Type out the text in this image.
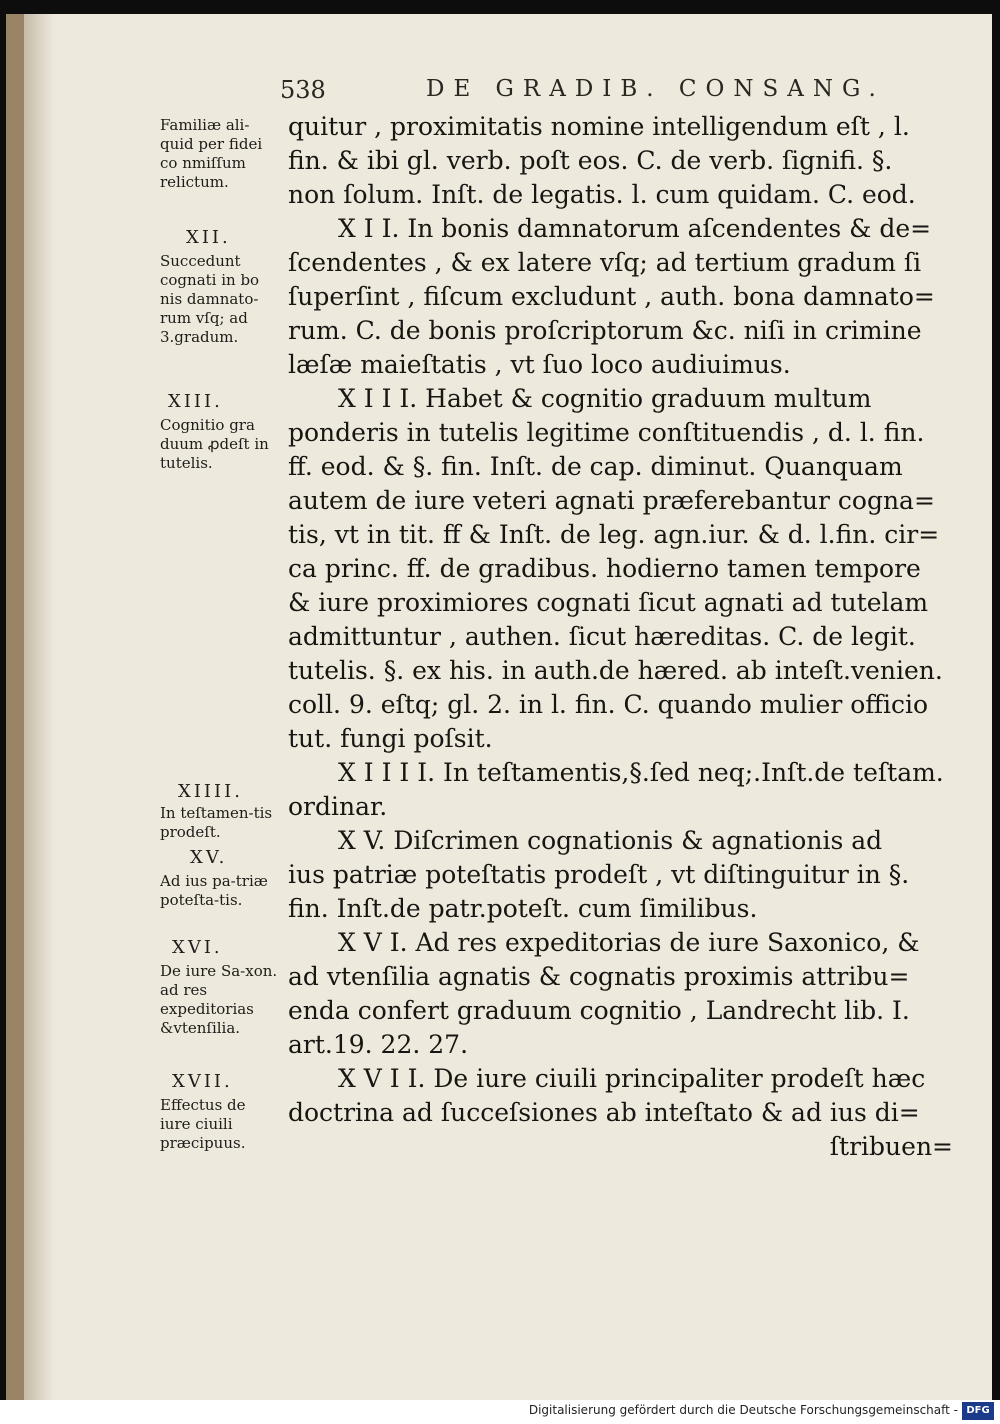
538	DE GRADIB. CONSANG.
Familiæ ali-quid per fidei co nmiſſum relictum.
XII.
Succedunt cognati in bo nis damnato-rum vſq; ad 3.gradum.
XIII.
Cognitio gra duum ꝓdeſt in tutelis.
XIIII.
In teſtamen-tis prodeſt.
XV.
Ad ius pa-triæ poteſta-tis.
XVI.
De iure Sa-xon. ad res expeditorias &vtenſilia.
XVII.
Effectus de iure ciuili præcipuus.
quitur , proximitatis nomine intelligendum eſt , l.
fin. & ibi gl. verb. poſt eos. C. de verb. ſignifi. §.
non ſolum. Inſt. de legatis. l. cum quidam. C. eod.
X I I. In bonis damnatorum aſcendentes & de=
ſcendentes , & ex latere vſq; ad tertium gradum ſi
ſuperſint , fiſcum excludunt , auth. bona damnato=
rum. C. de bonis proſcriptorum &c. niſi in crimine
læſæ maieſtatis , vt ſuo loco audiuimus.
X I I I. Habet & cognitio graduum multum
ponderis in tutelis legitime conſtituendis , d. l. fin.
ff. eod. & §. fin. Inſt. de cap. diminut. Quanquam
autem de iure veteri agnati præferebantur cogna=
tis, vt in tit. ff & Inſt. de leg. agn.iur. & d. l.fin. cir=
ca princ. ff. de gradibus. hodierno tamen tempore
& iure proximiores cognati ſicut agnati ad tutelam
admittuntur , authen. ſicut hæreditas. C. de legit.
tutelis. §. ex his. in auth.de hæred. ab inteſt.venien.
coll. 9. eſtq; gl. 2. in l. fin. C. quando mulier officio
tut. fungi poſsit.
X I I I I. In teſtamentis,§.ſed neq;.Inſt.de teſtam.
ordinar.
X V. Diſcrimen cognationis & agnationis ad
ius patriæ poteſtatis prodeſt , vt diſtinguitur in §.
fin. Inſt.de patr.poteſt. cum ſimilibus.
X V I. Ad res expeditorias de iure Saxonico, &
ad vtenſilia agnatis & cognatis proximis attribu=
enda confert graduum cognitio , Landrecht lib. I.
art.19. 22. 27.
X V I I. De iure ciuili principaliter prodeſt hæc
doctrina ad ſucceſsiones ab inteſtato & ad ius di=
ſtribuen=
Digitalisierung gefördert durch die Deutsche Forschungsgemeinschaft - DFG
